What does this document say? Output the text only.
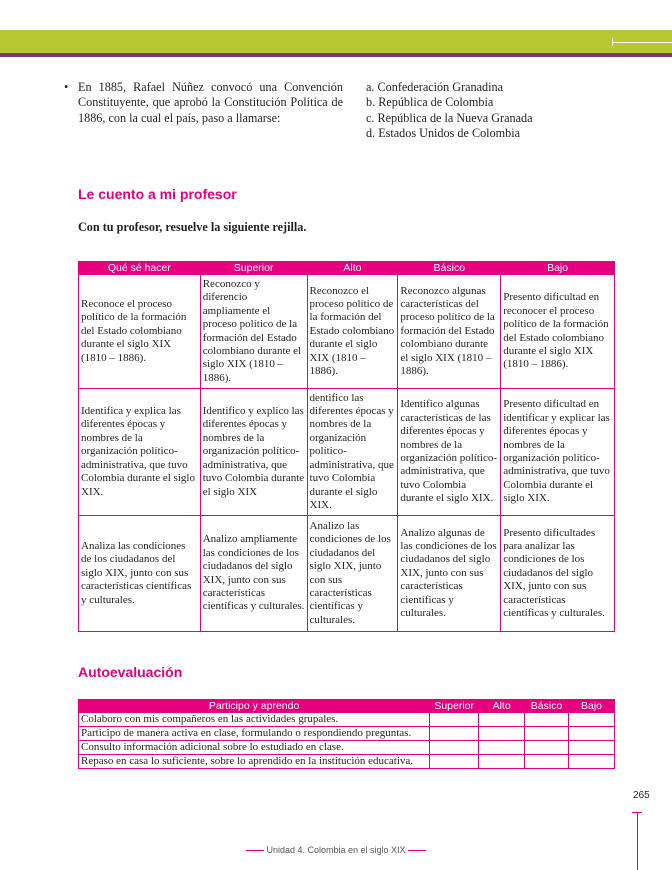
• En 1885, Rafael Núñez convocó una Convención Constituyente, que aprobó la Constitución Política de 1886, con la cual el país, paso a llamarse:
a. Confederación Granadina
b. República de Colombia
c. República de la Nueva Granada
d. Estados Unidos de Colombia
Le cuento a mi profesor
Con tu profesor, resuelve la siguiente rejilla.
Qué sé hacer	Superior	Alto	Básico	Bajo
Reconoce el proceso político de la formación del Estado colombiano durante el siglo XIX (1810 – 1886).	Reconozco y diferencio ampliamente el proceso político de la formación del Estado colombiano durante el siglo XIX (1810 – 1886).	Reconozco el proceso político de la formación del Estado colombiano durante el siglo XIX (1810 – 1886).	Reconozco algunas características del proceso político de la formación del Estado colombiano durante el siglo XIX (1810 – 1886).	Presento dificultad en reconocer el proceso político de la formación del Estado colombiano durante el siglo XIX (1810 – 1886).
Identifica y explica las diferentes épocas y nombres de la organización político-administrativa, que tuvo Colombia durante el siglo XIX.	Identifico y explico las diferentes épocas y nombres de la organización político-administrativa, que tuvo Colombia durante el siglo XIX	dentifico las diferentes épocas y nombres de la organización político-administrativa, que tuvo Colombia durante el siglo XIX.	Identifico algunas características de las diferentes épocas y nombres de la organización político-administrativa, que tuvo Colombia durante el siglo XIX.	Presento dificultad en identificar y explicar las diferentes épocas y nombres de la organización político-administrativa, que tuvo Colombia durante el siglo XIX.
Analiza las condiciones de los ciudadanos del siglo XIX, junto con sus características científicas y culturales.	Analizo ampliamente las condiciones de los ciudadanos del siglo XIX, junto con sus características científicas y culturales.	Analizo las condiciones de los ciudadanos del siglo XIX, junto con sus características científicas y culturales.	Analizo algunas de las condiciones de los ciudadanos del siglo XIX, junto con sus características científicas y culturales.	Presento dificultades para analizar las condiciones de los ciudadanos del siglo XIX, junto con sus características científicas y culturales.
Autoevaluación
Participo y aprendo	Superior	Alto	Básico	Bajo
Colaboro con mis compañeros en las actividades grupales.				
Participo de manera activa en clase, formulando o respondiendo preguntas.				
Consulto información adicional sobre lo estudiado en clase.				
Repaso en casa lo suficiente, sobre lo aprendido en la institución educativa.				
265
Unidad 4. Colombia en el siglo XIX
